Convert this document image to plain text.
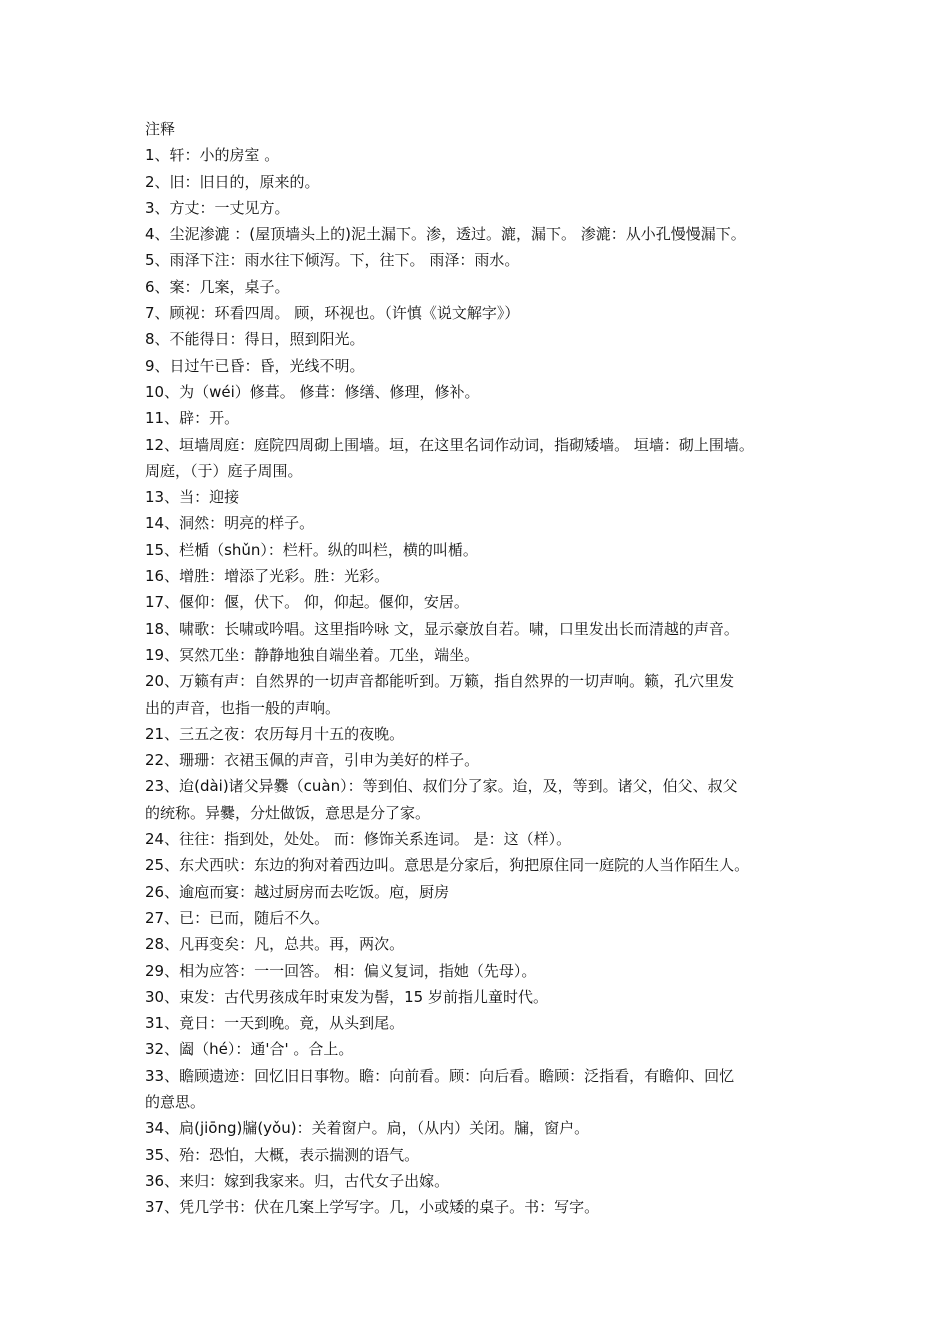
注释
1、轩：小的房室 。
2、旧：旧日的，原来的。
3、方丈：一丈见方。
4、尘泥渗漉 ：(屋顶墙头上的)泥土漏下。渗，透过。漉，漏下。 渗漉：从小孔慢慢漏下。
5、雨泽下注：雨水往下倾泻。下，往下。 雨泽：雨水。
6、案：几案，桌子。
7、顾视：环看四周。 顾，环视也。（许慎《说文解字》）
8、不能得日：得日，照到阳光。
9、日过午已昏：昏，光线不明。
10、为（wéi）修葺。 修葺：修缮、修理，修补。
11、辟：开。
12、垣墙周庭：庭院四周砌上围墙。垣，在这里名词作动词，指砌矮墙。 垣墙：砌上围墙。
周庭，（于）庭子周围。
13、当：迎接
14、洞然：明亮的样子。
15、栏楯（shǔn）：栏杆。纵的叫栏，横的叫楯。
16、增胜：增添了光彩。胜：光彩。
17、偃仰：偃，伏下。 仰，仰起。偃仰，安居。
18、啸歌：长啸或吟唱。这里指吟咏 文，显示豪放自若。啸，口里发出长而清越的声音。
19、冥然兀坐：静静地独自端坐着。兀坐，端坐。
20、万籁有声：自然界的一切声音都能听到。万籁，指自然界的一切声响。籁，孔穴里发
出的声音，也指一般的声响。
21、三五之夜：农历每月十五的夜晚。
22、珊珊：衣裙玉佩的声音，引申为美好的样子。
23、迨(dài)诸父异爨（cuàn）：等到伯、叔们分了家。迨，及，等到。诸父，伯父、叔父
的统称。异爨，分灶做饭，意思是分了家。
24、往往：指到处，处处。 而：修饰关系连词。 是：这（样）。
25、东犬西吠：东边的狗对着西边叫。意思是分家后，狗把原住同一庭院的人当作陌生人。
26、逾庖而宴：越过厨房而去吃饭。庖，厨房
27、已：已而，随后不久。
28、凡再变矣：凡，总共。再，两次。
29、相为应答：一一回答。 相：偏义复词，指她（先母）。
30、束发：古代男孩成年时束发为髻，15 岁前指儿童时代。
31、竟日：一天到晚。竟，从头到尾。
32、阖（hé）：通'合' 。合上。
33、瞻顾遗迹：回忆旧日事物。瞻：向前看。顾：向后看。瞻顾：泛指看，有瞻仰、回忆
的意思。
34、扃(jiōng)牖(yǒu)：关着窗户。扃，（从内）关闭。牖，窗户。
35、殆：恐怕，大概，表示揣测的语气。
36、来归：嫁到我家来。归，古代女子出嫁。
37、凭几学书：伏在几案上学写字。几，小或矮的桌子。书：写字。
